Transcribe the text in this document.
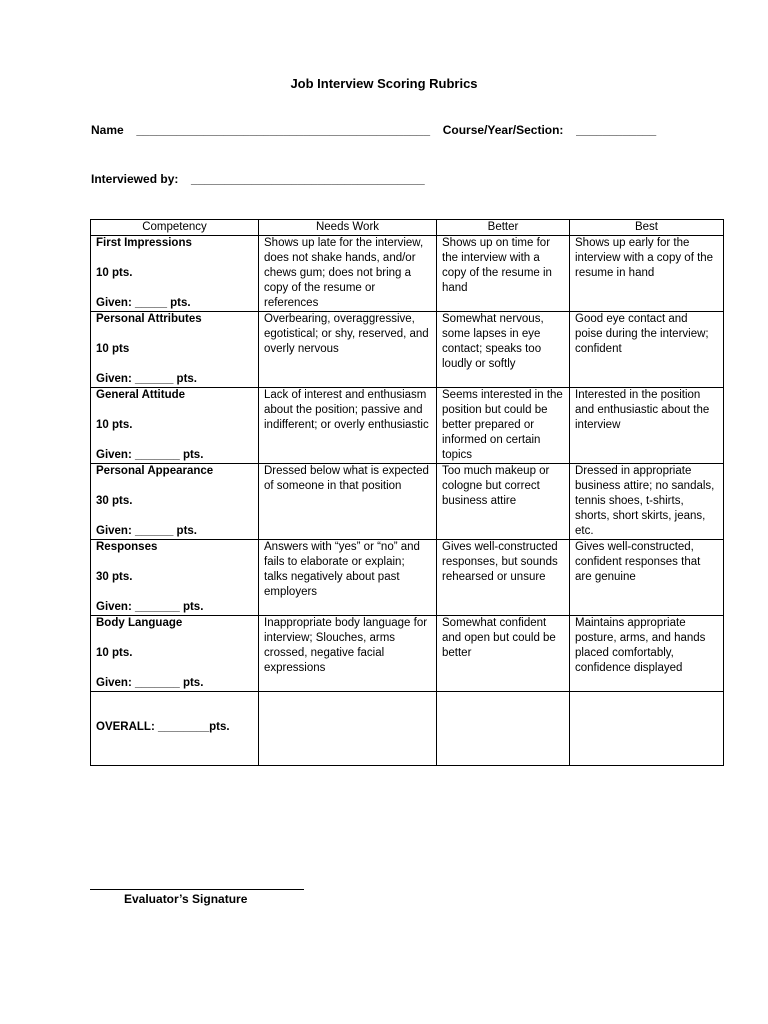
Job Interview Scoring Rubrics
Name ____________________________________________ Course/Year/Section: ____________
Interviewed by: ___________________________________
Competency	Needs Work	Better	Best

First Impressions
10 pts.
Given: _____ pts.	Shows up late for the interview, does not shake hands, and/or chews gum; does not bring a copy of the resume or references	Shows up on time for the interview with a copy of the resume in hand	Shows up early for the interview with a copy of the resume in hand

Personal Attributes
10 pts
Given: ______ pts.	Overbearing, overaggressive, egotistical; or shy, reserved, and overly nervous	Somewhat nervous, some lapses in eye contact; speaks too loudly or softly	Good eye contact and poise during the interview; confident

General Attitude
10 pts.
Given: _______ pts.	Lack of interest and enthusiasm about the position; passive and indifferent; or overly enthusiastic	Seems interested in the position but could be better prepared or informed on certain topics	Interested in the position and enthusiastic about the interview

Personal Appearance
30 pts.
Given: ______ pts.	Dressed below what is expected of someone in that position	Too much makeup or cologne but correct business attire	Dressed in appropriate business attire; no sandals, tennis shoes, t-shirts, shorts, short skirts, jeans, etc.

Responses
30 pts.
Given: _______ pts.	Answers with “yes” or “no” and fails to elaborate or explain; talks negatively about past employers	Gives well-constructed responses, but sounds rehearsed or unsure	Gives well-constructed, confident responses that are genuine

Body Language
10 pts.
Given: _______ pts.	Inappropriate body language for interview; Slouches, arms crossed, negative facial expressions	Somewhat confident and open but could be better	Maintains appropriate posture, arms, and hands placed comfortably, confidence displayed
OVERALL: ________pts.			
Evaluator’s Signature
